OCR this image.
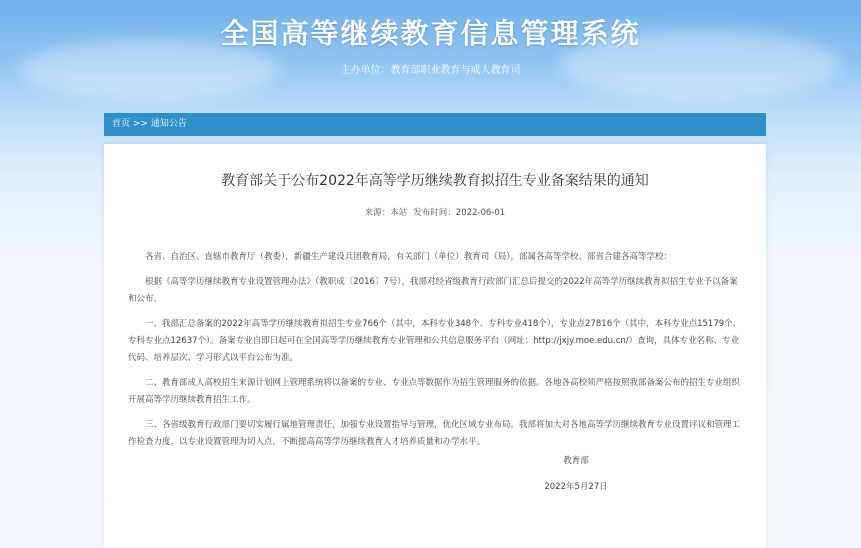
全国高等继续教育信息管理系统
主办单位：教育部职业教育与成人教育司
首页 >> 通知公告
教育部关于公布2022年高等学历继续教育拟招生专业备案结果的通知
来源：本站 发布时间：2022-06-01

各省、自治区、直辖市教育厅（教委），新疆生产建设兵团教育局，有关部门（单位）教育司（局），部属各高等学校、部省合建各高等学校：

根据《高等学历继续教育专业设置管理办法》（教职成〔2016〕7号），我部对经省级教育行政部门汇总后提交的2022年高等学历继续教育拟招生专业予以备案和公布。

一、我部汇总备案的2022年高等学历继续教育拟招生专业766个（其中，本科专业348个、专科专业418个），专业点27816个（其中，本科专业点15179个、专科专业点12637个）。备案专业自即日起可在全国高等学历继续教育专业管理和公共信息服务平台（网址：http://jxjy.moe.edu.cn/）查询，具体专业名称、专业代码、培养层次、学习形式以平台公布为准。

二、教育部成人高校招生来源计划网上管理系统将以备案的专业、专业点等数据作为招生管理服务的依据。各地各高校须严格按照我部备案公布的招生专业组织开展高等学历继续教育招生工作。

三、各省级教育行政部门要切实履行属地管理责任，加强专业设置指导与管理，优化区域专业布局。我部将加大对各地高等学历继续教育专业设置评议和管理工作检查力度，以专业设置管理为切入点，不断提高高等学历继续教育人才培养质量和办学水平。

教育部
2022年5月27日
